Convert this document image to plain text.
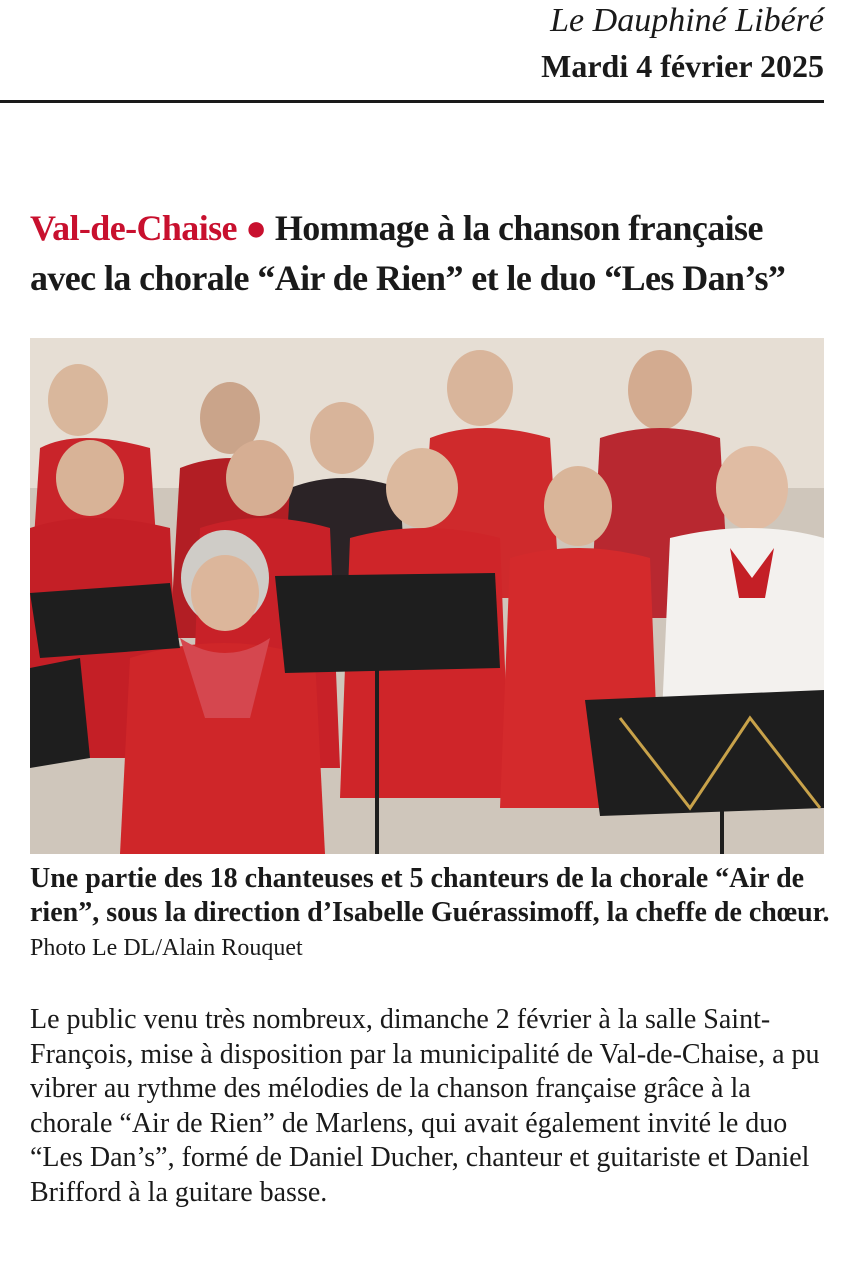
Le Dauphiné Libéré
Mardi 4 février 2025
Val-de-Chaise ● Hommage à la chanson française avec la chorale “Air de Rien” et le duo “Les Dan’s”
Une partie des 18 chanteuses et 5 chanteurs de la chorale “Air de rien”, sous la direction d’Isabelle Guérassimoff, la cheffe de chœur. Photo Le DL/Alain Rouquet
Le public venu très nombreux, dimanche 2 février à la salle Saint-François, mise à disposition par la municipalité de Val-de-Chaise, a pu vibrer au rythme des mélodies de la chanson française grâce à la chorale “Air de Rien” de Marlens, qui avait également invité le duo “Les Dan’s”, formé de Daniel Ducher, chanteur et guitariste et Daniel Brifford à la guitare basse.
